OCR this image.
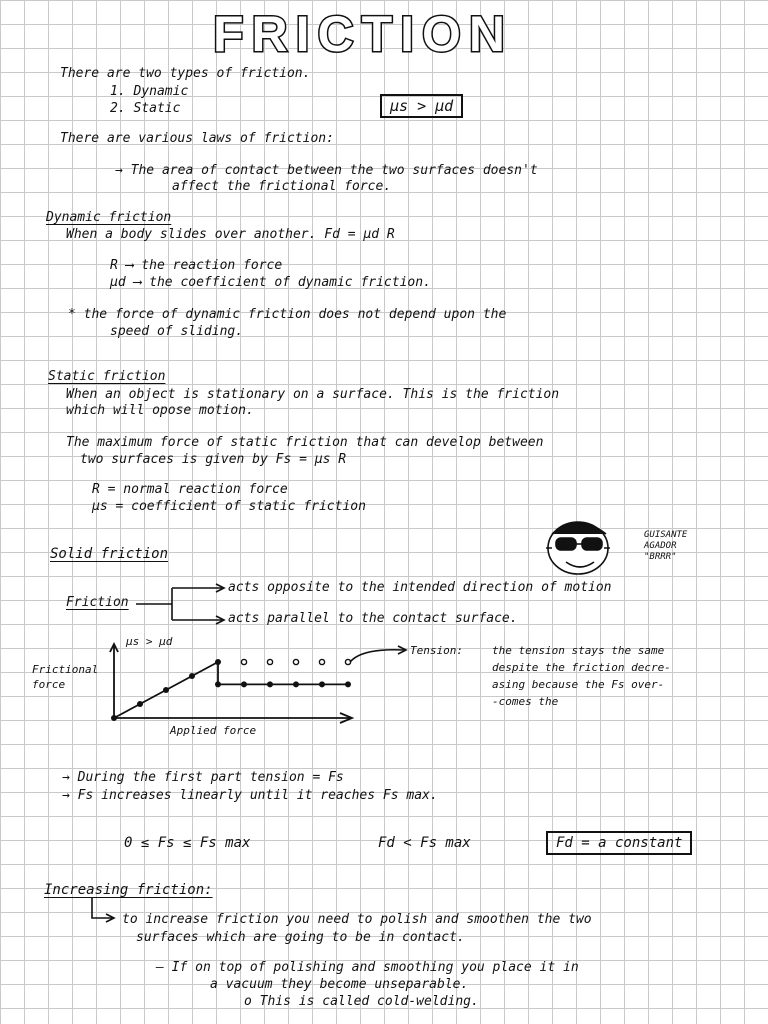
FRICTION
There are two types of friction.
1. Dynamic
2. Static	μs > μd
There are various laws of friction:
→ The area of contact between the two surfaces doesn't
affect the frictional force.
Dynamic friction
When a body slides over another. Fd = μd R
R ⟶ the reaction force
μd ⟶ the coefficient of dynamic friction.
* the force of dynamic friction does not depend upon the
speed of sliding.
Static friction
When an object is stationary on a surface. This is the friction
which will opose motion.
The maximum force of static friction that can develop between
two surfaces is given by Fs = μs R
R = normal reaction force
μs = coefficient of static friction
Solid friction
Friction
acts opposite to the intended direction of motion
acts parallel to the contact surface.
GUISANTE AGADOR "BRRR"
μs > μd
Frictional
force
Applied force
Tension:	the tension stays the same
despite the friction decre-
asing because the Fs over-
-comes the
→ During the first part tension = Fs
→ Fs increases linearly until it reaches Fs max.
0 ≤ Fs ≤ Fs max	Fd < Fs max	Fd = a constant
Increasing friction:
to increase friction you need to polish and smoothen the two
surfaces which are going to be in contact.
— If on top of polishing and smoothing you place it in
a vacuum they become unseparable.
o This is called cold-welding.
